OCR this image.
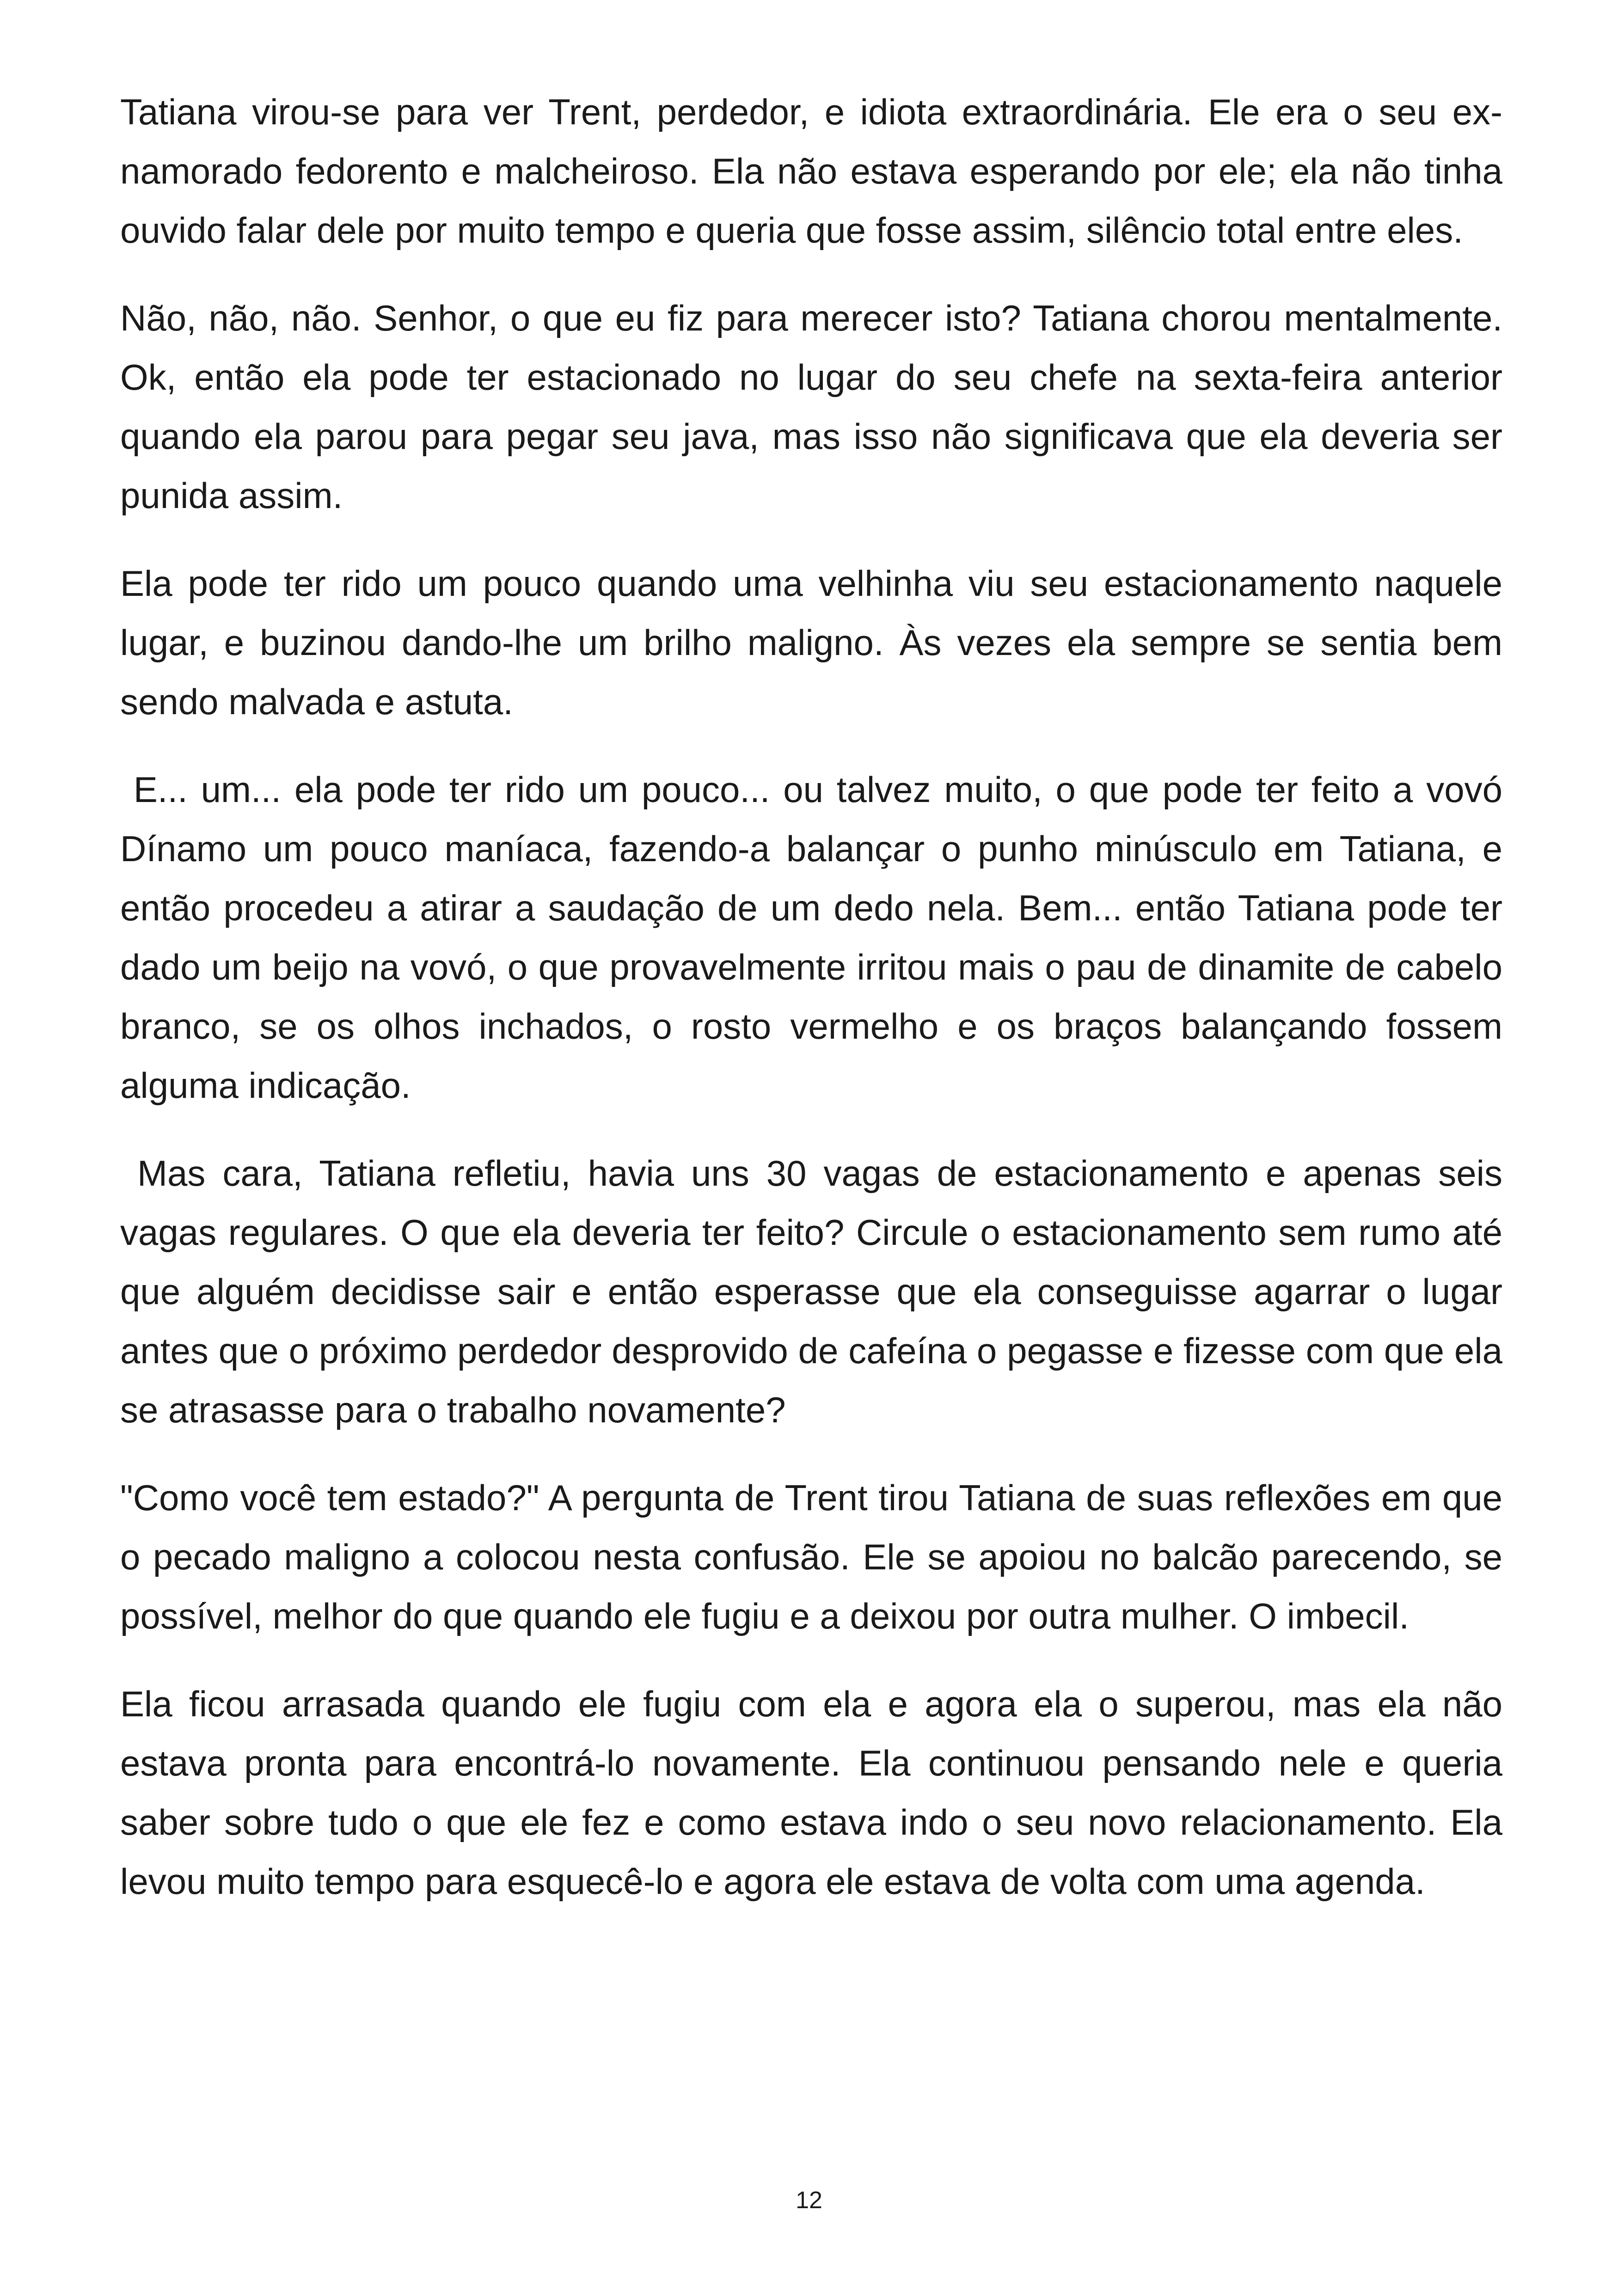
Tatiana virou-se para ver Trent, perdedor, e idiota extraordinária. Ele era o seu ex-namorado fedorento e malcheiroso. Ela não estava esperando por ele; ela não tinha ouvido falar dele por muito tempo e queria que fosse assim, silêncio total entre eles.

Não, não, não. Senhor, o que eu fiz para merecer isto? Tatiana chorou mentalmente. Ok, então ela pode ter estacionado no lugar do seu chefe na sexta-feira anterior quando ela parou para pegar seu java, mas isso não significava que ela deveria ser punida assim.

Ela pode ter rido um pouco quando uma velhinha viu seu estacionamento naquele lugar, e buzinou dando-lhe um brilho maligno. Às vezes ela sempre se sentia bem sendo malvada e astuta.

E... um... ela pode ter rido um pouco... ou talvez muito, o que pode ter feito a vovó Dínamo um pouco maníaca, fazendo-a balançar o punho minúsculo em Tatiana, e então procedeu a atirar a saudação de um dedo nela. Bem... então Tatiana pode ter dado um beijo na vovó, o que provavelmente irritou mais o pau de dinamite de cabelo branco, se os olhos inchados, o rosto vermelho e os braços balançando fossem alguma indicação.

Mas cara, Tatiana refletiu, havia uns 30 vagas de estacionamento e apenas seis vagas regulares. O que ela deveria ter feito? Circule o estacionamento sem rumo até que alguém decidisse sair e então esperasse que ela conseguisse agarrar o lugar antes que o próximo perdedor desprovido de cafeína o pegasse e fizesse com que ela se atrasasse para o trabalho novamente?

"Como você tem estado?" A pergunta de Trent tirou Tatiana de suas reflexões em que o pecado maligno a colocou nesta confusão. Ele se apoiou no balcão parecendo, se possível, melhor do que quando ele fugiu e a deixou por outra mulher. O imbecil.

Ela ficou arrasada quando ele fugiu com ela e agora ela o superou, mas ela não estava pronta para encontrá-lo novamente. Ela continuou pensando nele e queria saber sobre tudo o que ele fez e como estava indo o seu novo relacionamento. Ela levou muito tempo para esquecê-lo e agora ele estava de volta com uma agenda.

12
